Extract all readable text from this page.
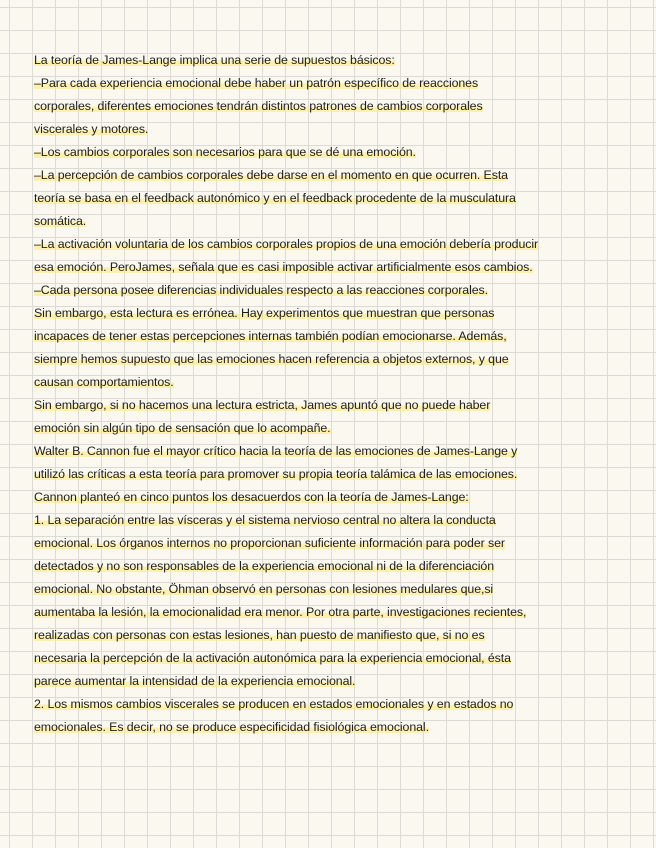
La teoría de James-Lange implica una serie de supuestos básicos:
–Para cada experiencia emocional debe haber un patrón específico de reacciones
corporales, diferentes emociones tendrán distintos patrones de cambios corporales
viscerales y motores.
–Los cambios corporales son necesarios para que se dé una emoción.
–La percepción de cambios corporales debe darse en el momento en que ocurren. Esta
teoría se basa en el feedback autonómico y en el feedback procedente de la musculatura
somática.
–La activación voluntaria de los cambios corporales propios de una emoción debería producir
esa emoción. PeroJames, señala que es casi imposible activar artificialmente esos cambios.
–Cada persona posee diferencias individuales respecto a las reacciones corporales.
Sin embargo, esta lectura es errónea. Hay experimentos que muestran que personas
incapaces de tener estas percepciones internas también podían emocionarse. Además,
siempre hemos supuesto que las emociones hacen referencia a objetos externos, y que
causan comportamientos.
Sin embargo, si no hacemos una lectura estricta, James apuntó que no puede haber
emoción sin algún tipo de sensación que lo acompañe.
Walter B. Cannon fue el mayor crítico hacia la teoría de las emociones de James-Lange y
utilizó las críticas a esta teoría para promover su propia teoría talámica de las emociones.
Cannon planteó en cinco puntos los desacuerdos con la teoría de James-Lange:
1. La separación entre las vísceras y el sistema nervioso central no altera la conducta
emocional. Los órganos internos no proporcionan suficiente información para poder ser
detectados y no son responsables de la experiencia emocional ni de la diferenciación
emocional. No obstante, Öhman observó en personas con lesiones medulares que,si
aumentaba la lesión, la emocionalidad era menor. Por otra parte, investigaciones recientes,
realizadas con personas con estas lesiones, han puesto de manifiesto que, si no es
necesaria la percepción de la activación autonómica para la experiencia emocional, ésta
parece aumentar la intensidad de la experiencia emocional.
2. Los mismos cambios viscerales se producen en estados emocionales y en estados no
emocionales. Es decir, no se produce especificidad fisiológica emocional.
